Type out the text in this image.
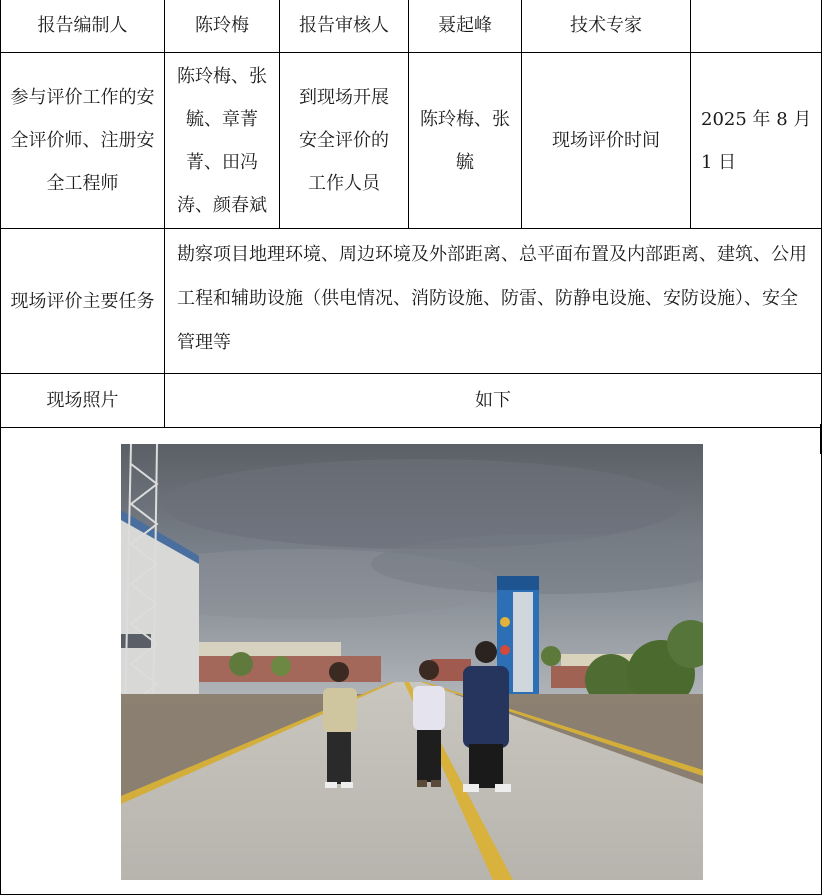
报告编制人	陈玲梅	报告审核人	聂起峰	技术专家	
参与评价工作的安全评价师、注册安全工程师	陈玲梅、张毓、章菁菁、田冯涛、颜春斌	到现场开展安全评价的工作人员	陈玲梅、张毓	现场评价时间	2025 年 8 月 1 日
现场评价主要任务	勘察项目地理环境、周边环境及外部距离、总平面布置及内部距离、建筑、公用工程和辅助设施（供电情况、消防设施、防雷、防静电设施、安防设施）、安全管理等				
现场照片	如下				
